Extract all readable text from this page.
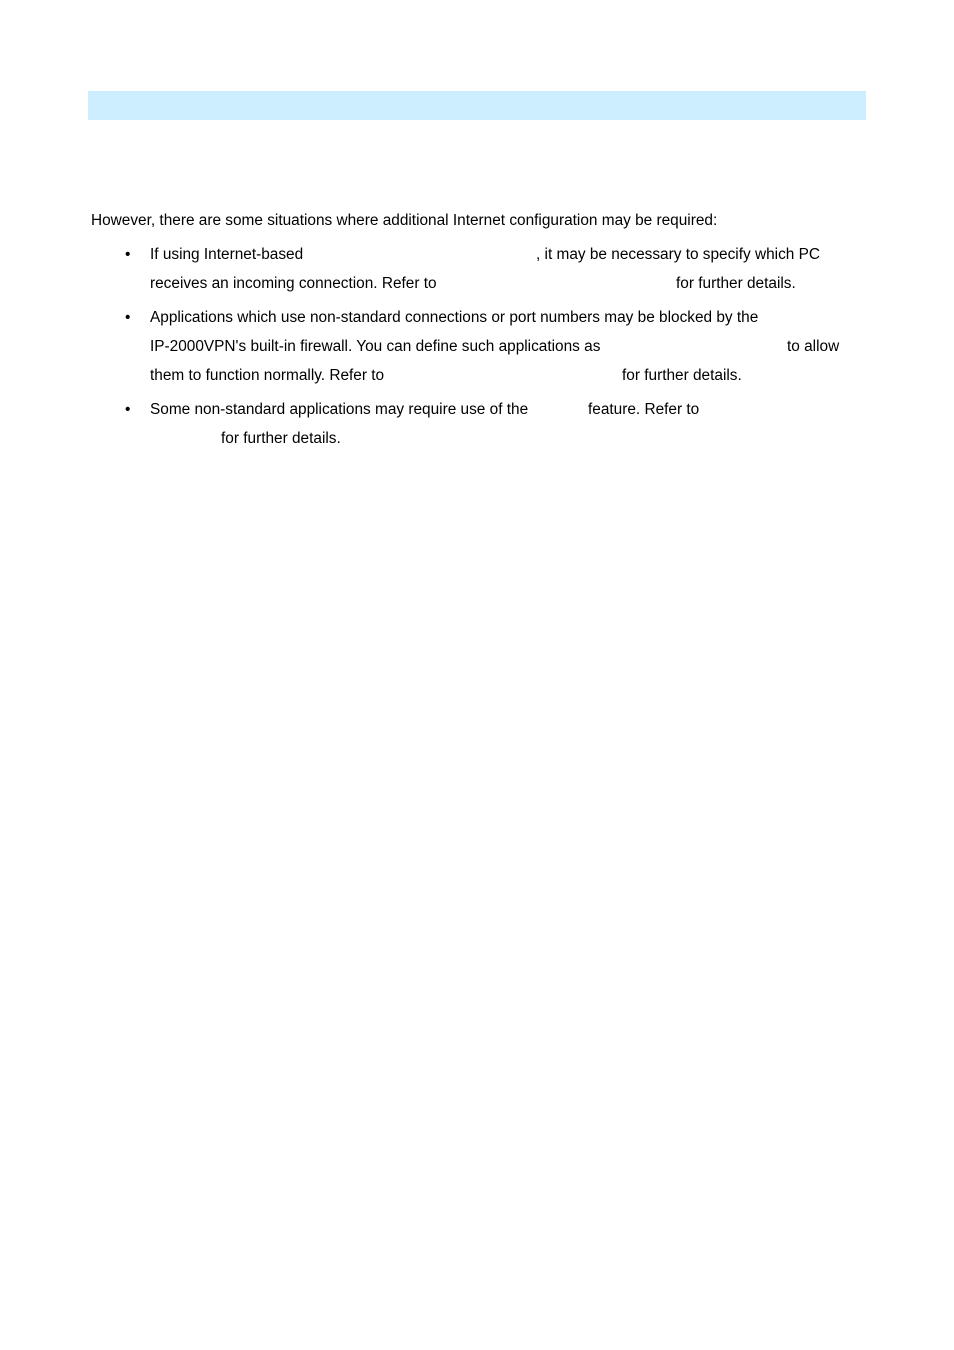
However, there are some situations where additional Internet configuration may be required:

• If using Internet-based	, it may be necessary to specify which PC
receives an incoming connection. Refer to	for further details.
• Applications which use non-standard connections or port numbers may be blocked by the
IP-2000VPN's built-in firewall. You can define such applications as	to allow
them to function normally. Refer to	for further details.
• Some non-standard applications may require use of the	feature. Refer to
for further details.
